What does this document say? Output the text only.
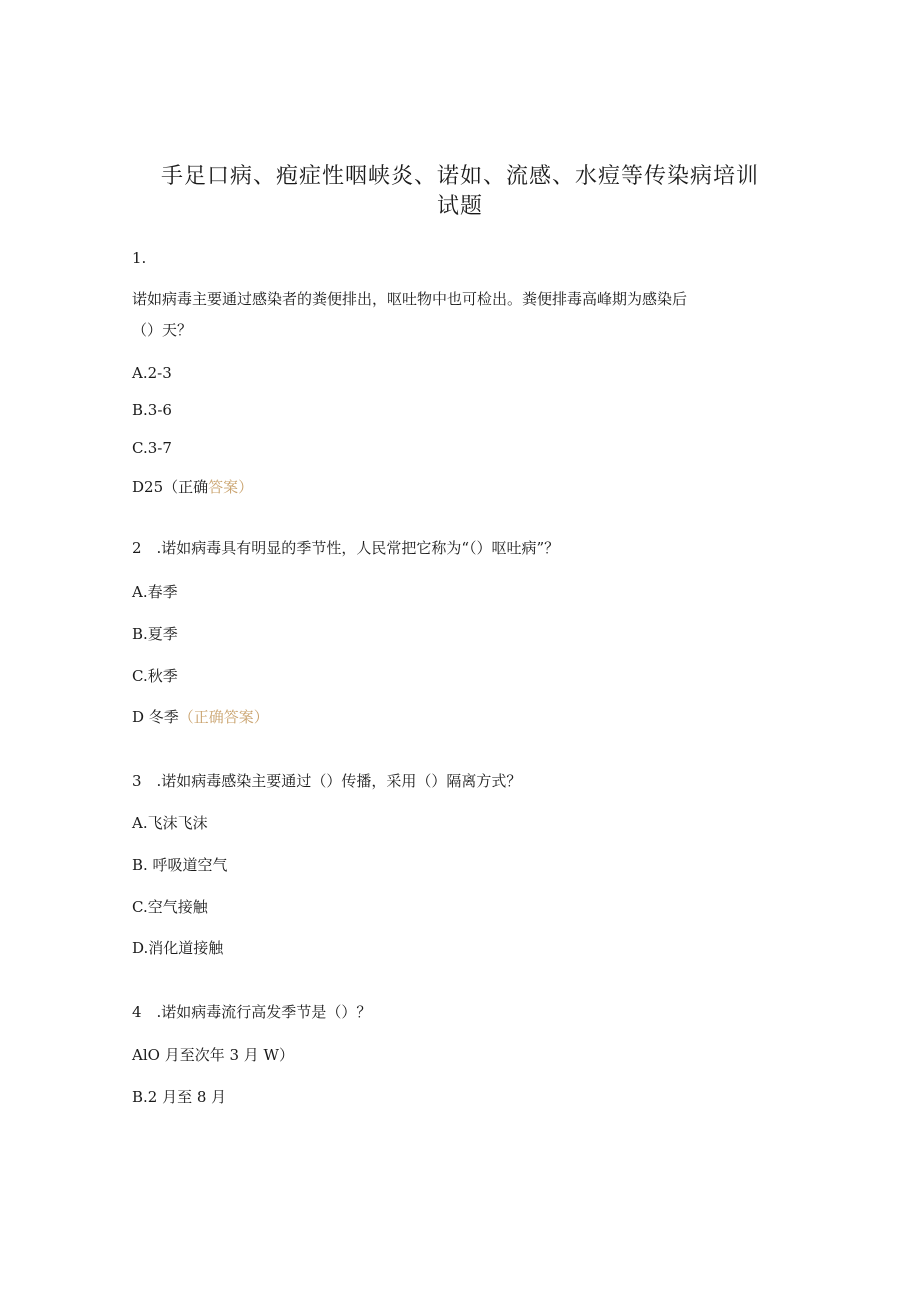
手足口病、疱症性咽峡炎、诺如、流感、水痘等传染病培训
试题
1.
诺如病毒主要通过感染者的粪便排出，呕吐物中也可检出。粪便排毒高峰期为感染后
（）天？
A.2-3
B.3-6
C.3-7
D25（正确答案）
2　.诺如病毒具有明显的季节性，人民常把它称为“（）呕吐病”？
A.春季
B.夏季
C.秋季
D 冬季（正确答案）
3　.诺如病毒感染主要通过（）传播，采用（）隔离方式？
A.飞沫飞沫
B. 呼吸道空气
C.空气接触
D.消化道接触
4　.诺如病毒流行高发季节是（）？
AlO 月至次年 3 月 W）
B.2 月至 8 月
